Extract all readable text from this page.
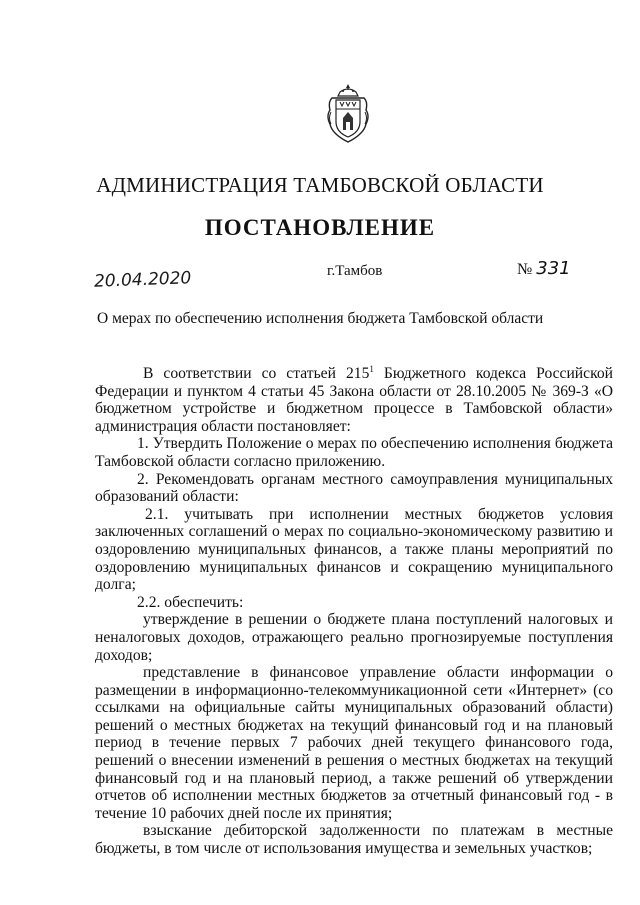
АДМИНИСТРАЦИЯ ТАМБОВСКОЙ ОБЛАСТИ
ПОСТАНОВЛЕНИЕ
20.04.2020	г.Тамбов	№ 331
О мерах по обеспечению исполнения бюджета Тамбовской области

В соответствии со статьей $215^1$ Бюджетного кодекса Российской Федерации и пунктом 4 статьи 45 Закона области от 28.10.2005 № 369-З «О бюджетном устройстве и бюджетном процессе в Тамбовской области» администрация области постановляет:

1. Утвердить Положение о мерах по обеспечению исполнения бюджета Тамбовской области согласно приложению.

2. Рекомендовать органам местного самоуправления муниципальных образований области:

2.1. учитывать при исполнении местных бюджетов условия заключенных соглашений о мерах по социально-экономическому развитию и оздоровлению муниципальных финансов, а также планы мероприятий по оздоровлению муниципальных финансов и сокращению муниципального долга;

2.2. обеспечить:

утверждение в решении о бюджете плана поступлений налоговых и неналоговых доходов, отражающего реально прогнозируемые поступления доходов;

представление в финансовое управление области информации о размещении в информационно-телекоммуникационной сети «Интернет» (со ссылками на официальные сайты муниципальных образований области) решений о местных бюджетах на текущий финансовый год и на плановый период в течение первых 7 рабочих дней текущего финансового года, решений о внесении изменений в решения о местных бюджетах на текущий финансовый год и на плановый период, а также решений об утверждении отчетов об исполнении местных бюджетов за отчетный финансовый год - в течение 10 рабочих дней после их принятия;

взыскание дебиторской задолженности по платежам в местные бюджеты, в том числе от использования имущества и земельных участков;
